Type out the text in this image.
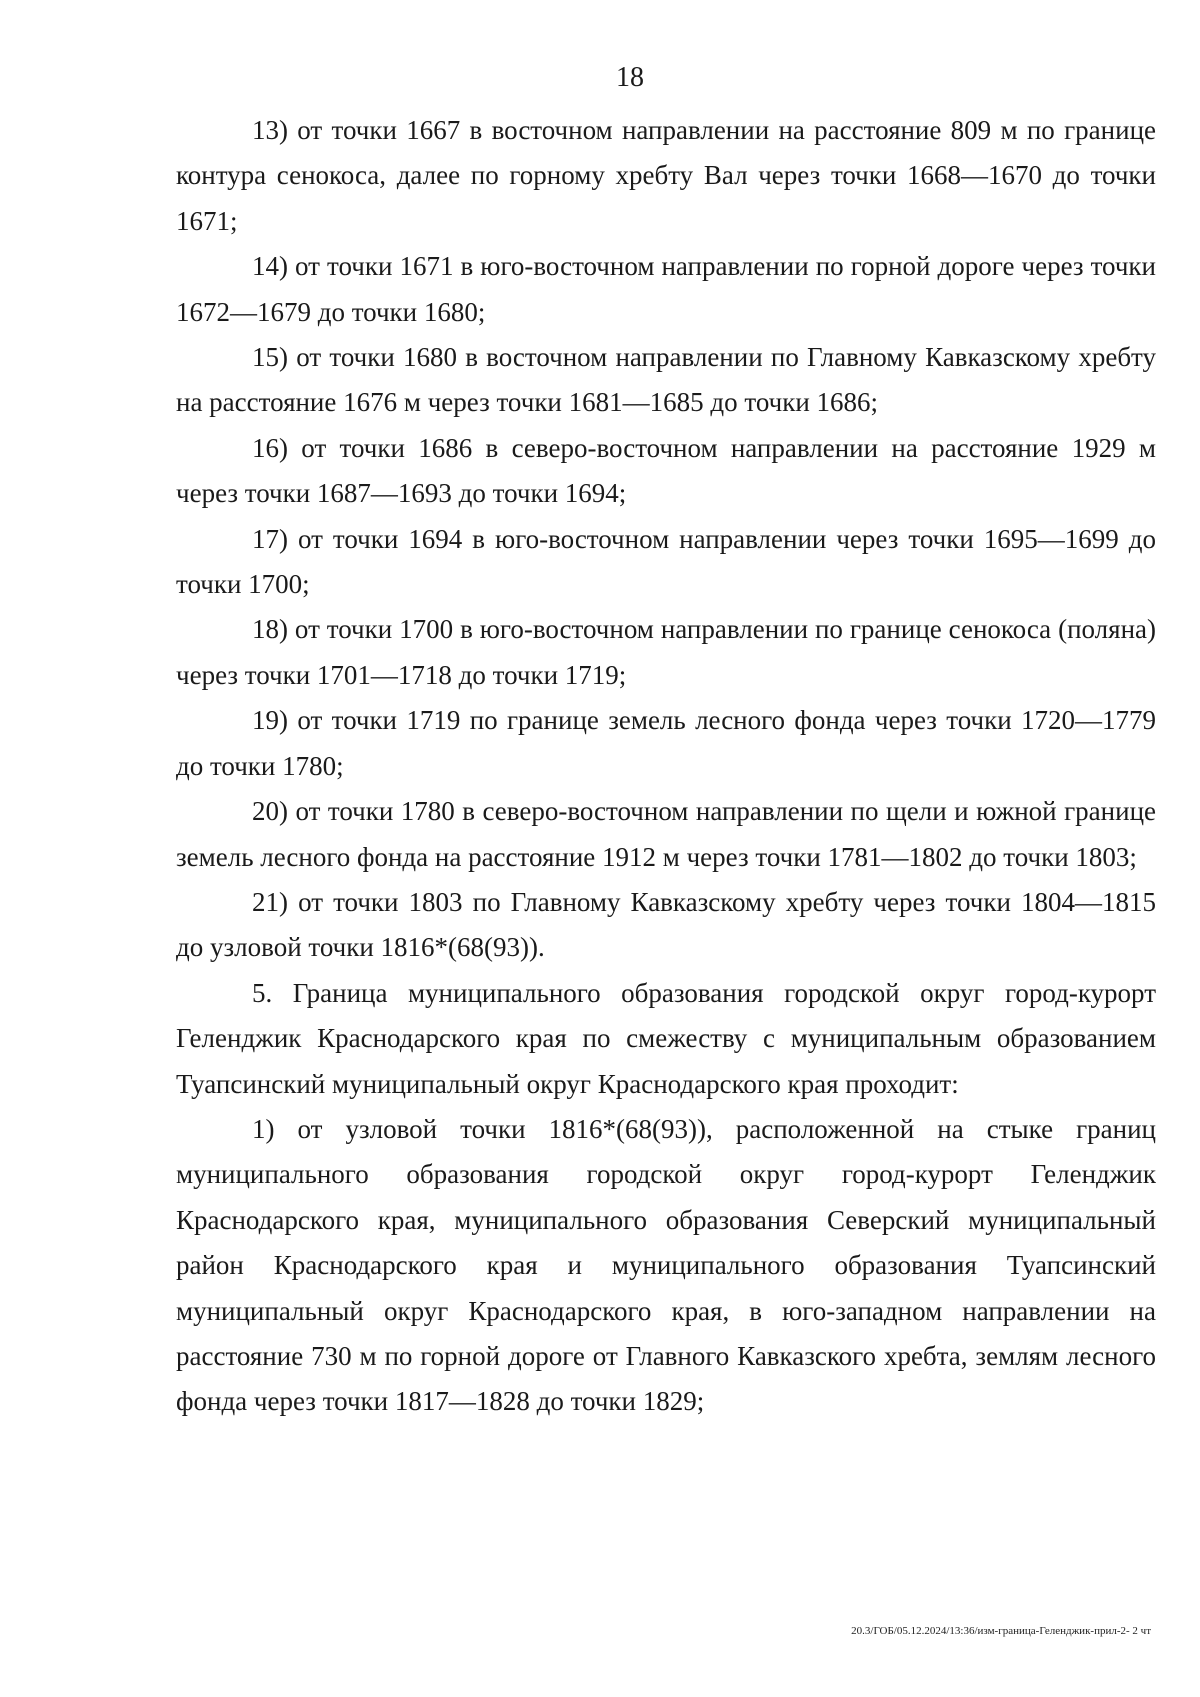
18

13) от точки 1667 в восточном направлении на расстояние 809 м по границе контура сенокоса, далее по горному хребту Вал через точки 1668—1670 до точки 1671;

14) от точки 1671 в юго-восточном направлении по горной дороге через точки 1672—1679 до точки 1680;

15) от точки 1680 в восточном направлении по Главному Кавказскому хребту на расстояние 1676 м через точки 1681—1685 до точки 1686;

16) от точки 1686 в северо-восточном направлении на расстояние 1929 м через точки 1687—1693 до точки 1694;

17) от точки 1694 в юго-восточном направлении через точки 1695—1699 до точки 1700;

18) от точки 1700 в юго-восточном направлении по границе сенокоса (поляна) через точки 1701—1718 до точки 1719;

19) от точки 1719 по границе земель лесного фонда через точки 1720—1779 до точки 1780;

20) от точки 1780 в северо-восточном направлении по щели и южной границе земель лесного фонда на расстояние 1912 м через точки 1781—1802 до точки 1803;

21) от точки 1803 по Главному Кавказскому хребту через точки 1804—1815 до узловой точки 1816*(68(93)).

5. Граница муниципального образования городской округ город-курорт Геленджик Краснодарского края по смежеству с муниципальным образованием Туапсинский муниципальный округ Краснодарского края проходит:

1) от узловой точки 1816*(68(93)), расположенной на стыке границ муниципального образования городской округ город-курорт Геленджик Краснодарского края, муниципального образования Северский муниципальный район Краснодарского края и муниципального образования Туапсинский муниципальный округ Краснодарского края, в юго-западном направлении на расстояние 730 м по горной дороге от Главного Кавказского хребта, землям лесного фонда через точки 1817—1828 до точки 1829;

20.3/ГОБ/05.12.2024/13:36/изм-граница-Геленджик-прил-2- 2 чт
